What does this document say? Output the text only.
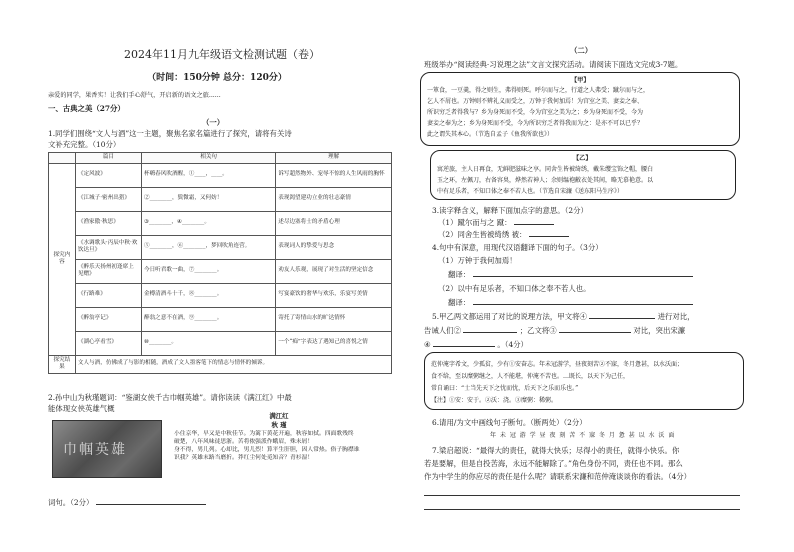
2024年11月九年级语文检测试题（卷）
（时间：150分钟 总分：120分）
亲爱的同学，果香实！让我们手心舒气，开启新的语文之旅......
一、古典之美（27分）
（一）
1.同学们围绕“文人与酒”这一主题，聚焦名家名篇进行了探究，请将有关诗
文补充完整。（10分）
	篇目	相关句	理解
探究内容	《定风波》	杯嗨春风吹酒醒，①____，____。	诉写超然物外、宠辱不惊的人生风雨的胸怀
	《江城子·密州出猎》	②________，鬓微霜，又何妨！	表现渴望建功立业的壮志豪情
	《渔家傲·秋思》	③________，④________。	述尽边塞将士的矛盾心理
	《水调歌头·丙辰中秋·欢饮达旦》	⑤________，⑥________，梦回吹角连营。	表现词人的挚爱与思念
	《醉乐天扬州初逢席上见赠》	今日听君歌一曲，⑦________。	劝友人乐观，展现了对生活的坚定信念
	《行路难》	金樽清酒斗十千，⑧________。	写宴豪饮的奢华与欢乐，乐宴写美情
	《醉翁亭记》	醉翁之意不在酒，⑨________。	寄托了寄情山水的旷达情怀
	《湖心亭看雪》	⑩________。	一个“痴”字表达了遇知己的喜悦之情
探究结果	文人与酒，仿佛成了与影的相随，酒成了文人墨客笔下的情志与情怀的倾诉。		
2.孙中山为秋瑾题词：“鉴湖女侠千古巾帼英雄”。请你读读《满江红》中最
能体现女侠英雄气概
巾帼英雄
满江红
秋 瑾
小住京华，早又是中秋佳节。为篱下黄花开遍，秋容如拭。四面歌残终
破楚，八年风味徒思浙。苦将侬强派作蛾眉，殊未屑！
身不得，男儿列。心却比，男儿烈！算平生肝胆，因人常热。俗子胸襟谁
识我？英雄末路当磨折。莽红尘何处觅知音？青衫湿！
词句。（2分）
（二）
班级举办“阅读经典·习说理之法”文言文探究活动。请阅读下面选文完成3-7题。
【甲】
一箪食，一豆羹，得之则生，弗得则死。呼尔而与之，行道之人弗受；蹴尔而与之，
乞人不屑也。万钟则不辨礼义而受之，万钟于我何加焉！为宫室之美、妻妾之奉、
所识穷乏者得我与？乡为身死而不受，今为宫室之美为之；乡为身死而不受，今为
妻妾之奉为之；乡为身死而不受，今为所识穷乏者得我而为之：是亦不可以已乎？
此之谓失其本心。（节选自孟子《鱼我所欲也》）
【乙】
寓逆旅，主人日再食，无鲜肥滋味之享。同舍生皆被绮绣，戴朱缨宝饰之帽，腰白
玉之环，左佩刀，右备容臭，烨然若神人；余则缊袍敝衣处其间，略无慕艳意。以
中有足乐者，不知口体之奉不若人也。（节选自宋濂《送东阳马生序》）
3.读字释含义，解释下面加点字的意思。（2分）
（1）蹴尔而与之 蹴：
（2）同舍生皆被绮绣 被：
4.句中有深意，用现代汉语翻译下面的句子。（3分）
（1）万钟于我何加焉！
翻译：
（2）以中有足乐者，不知口体之奉不若人也。
翻译：
5.甲乙两文都运用了对比的说理方法，甲文将④	进行对比，
告诫人们②	；乙文将③	对比，突出宋濂
④	。（4分）
范仲淹字希文，少孤贫，少有①安奋志。年未冠游学，昼夜刻苦②不寐，冬月惫甚，以水沃面；
食不给，至以糜粥继之，人不能堪，仲淹不苦也。…既长，以天下为己任，
常自诵曰：“士当先天下之忧而忧，后天下之乐而乐也。”
【注】①安：安于。②沃：浇。③糜粥：稀粥。
6.请用/为文中画线句子断句。（断两处）（2分）
年 未 冠 游 学 昼 夜 刻 苦 不 寐 冬 月 惫 甚 以 水 沃 面
7.梁启超说：“最得大的责任，就得大快乐；尽得小的责任，就得小快乐。你
若是要解，但是自投苦海，永远不能解除了。”角色身份不同，责任也不同。那么
作为中学生的你应尽的责任是什么呢？请联系宋濂和范仲淹谈谈你的看法。（4分）
